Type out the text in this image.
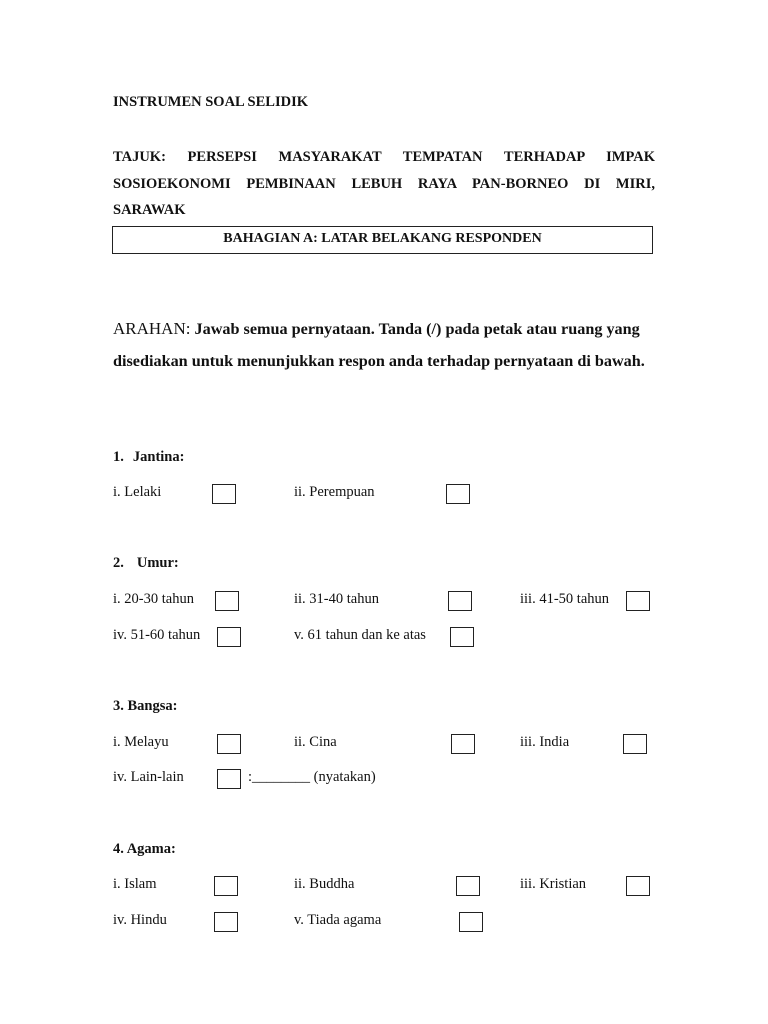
INSTRUMEN SOAL SELIDIK
TAJUK: PERSEPSI MASYARAKAT TEMPATAN TERHADAP IMPAK SOSIOEKONOMI PEMBINAAN LEBUH RAYA PAN-BORNEO DI MIRI, SARAWAK
BAHAGIAN A: LATAR BELAKANG RESPONDEN
ARAHAN: Jawab semua pernyataan. Tanda (/) pada petak atau ruang yang disediakan untuk menunjukkan respon anda terhadap pernyataan di bawah.
1. Jantina:
i. Lelaki	ii. Perempuan
2. Umur:
i. 20-30 tahun	ii. 31-40 tahun	iii. 41-50 tahun
iv. 51-60 tahun	v. 61 tahun dan ke atas
3. Bangsa:
i. Melayu	ii. Cina	iii. India
iv. Lain-lain	:________ (nyatakan)
4. Agama:
i. Islam	ii. Buddha	iii. Kristian
iv. Hindu	v. Tiada agama
